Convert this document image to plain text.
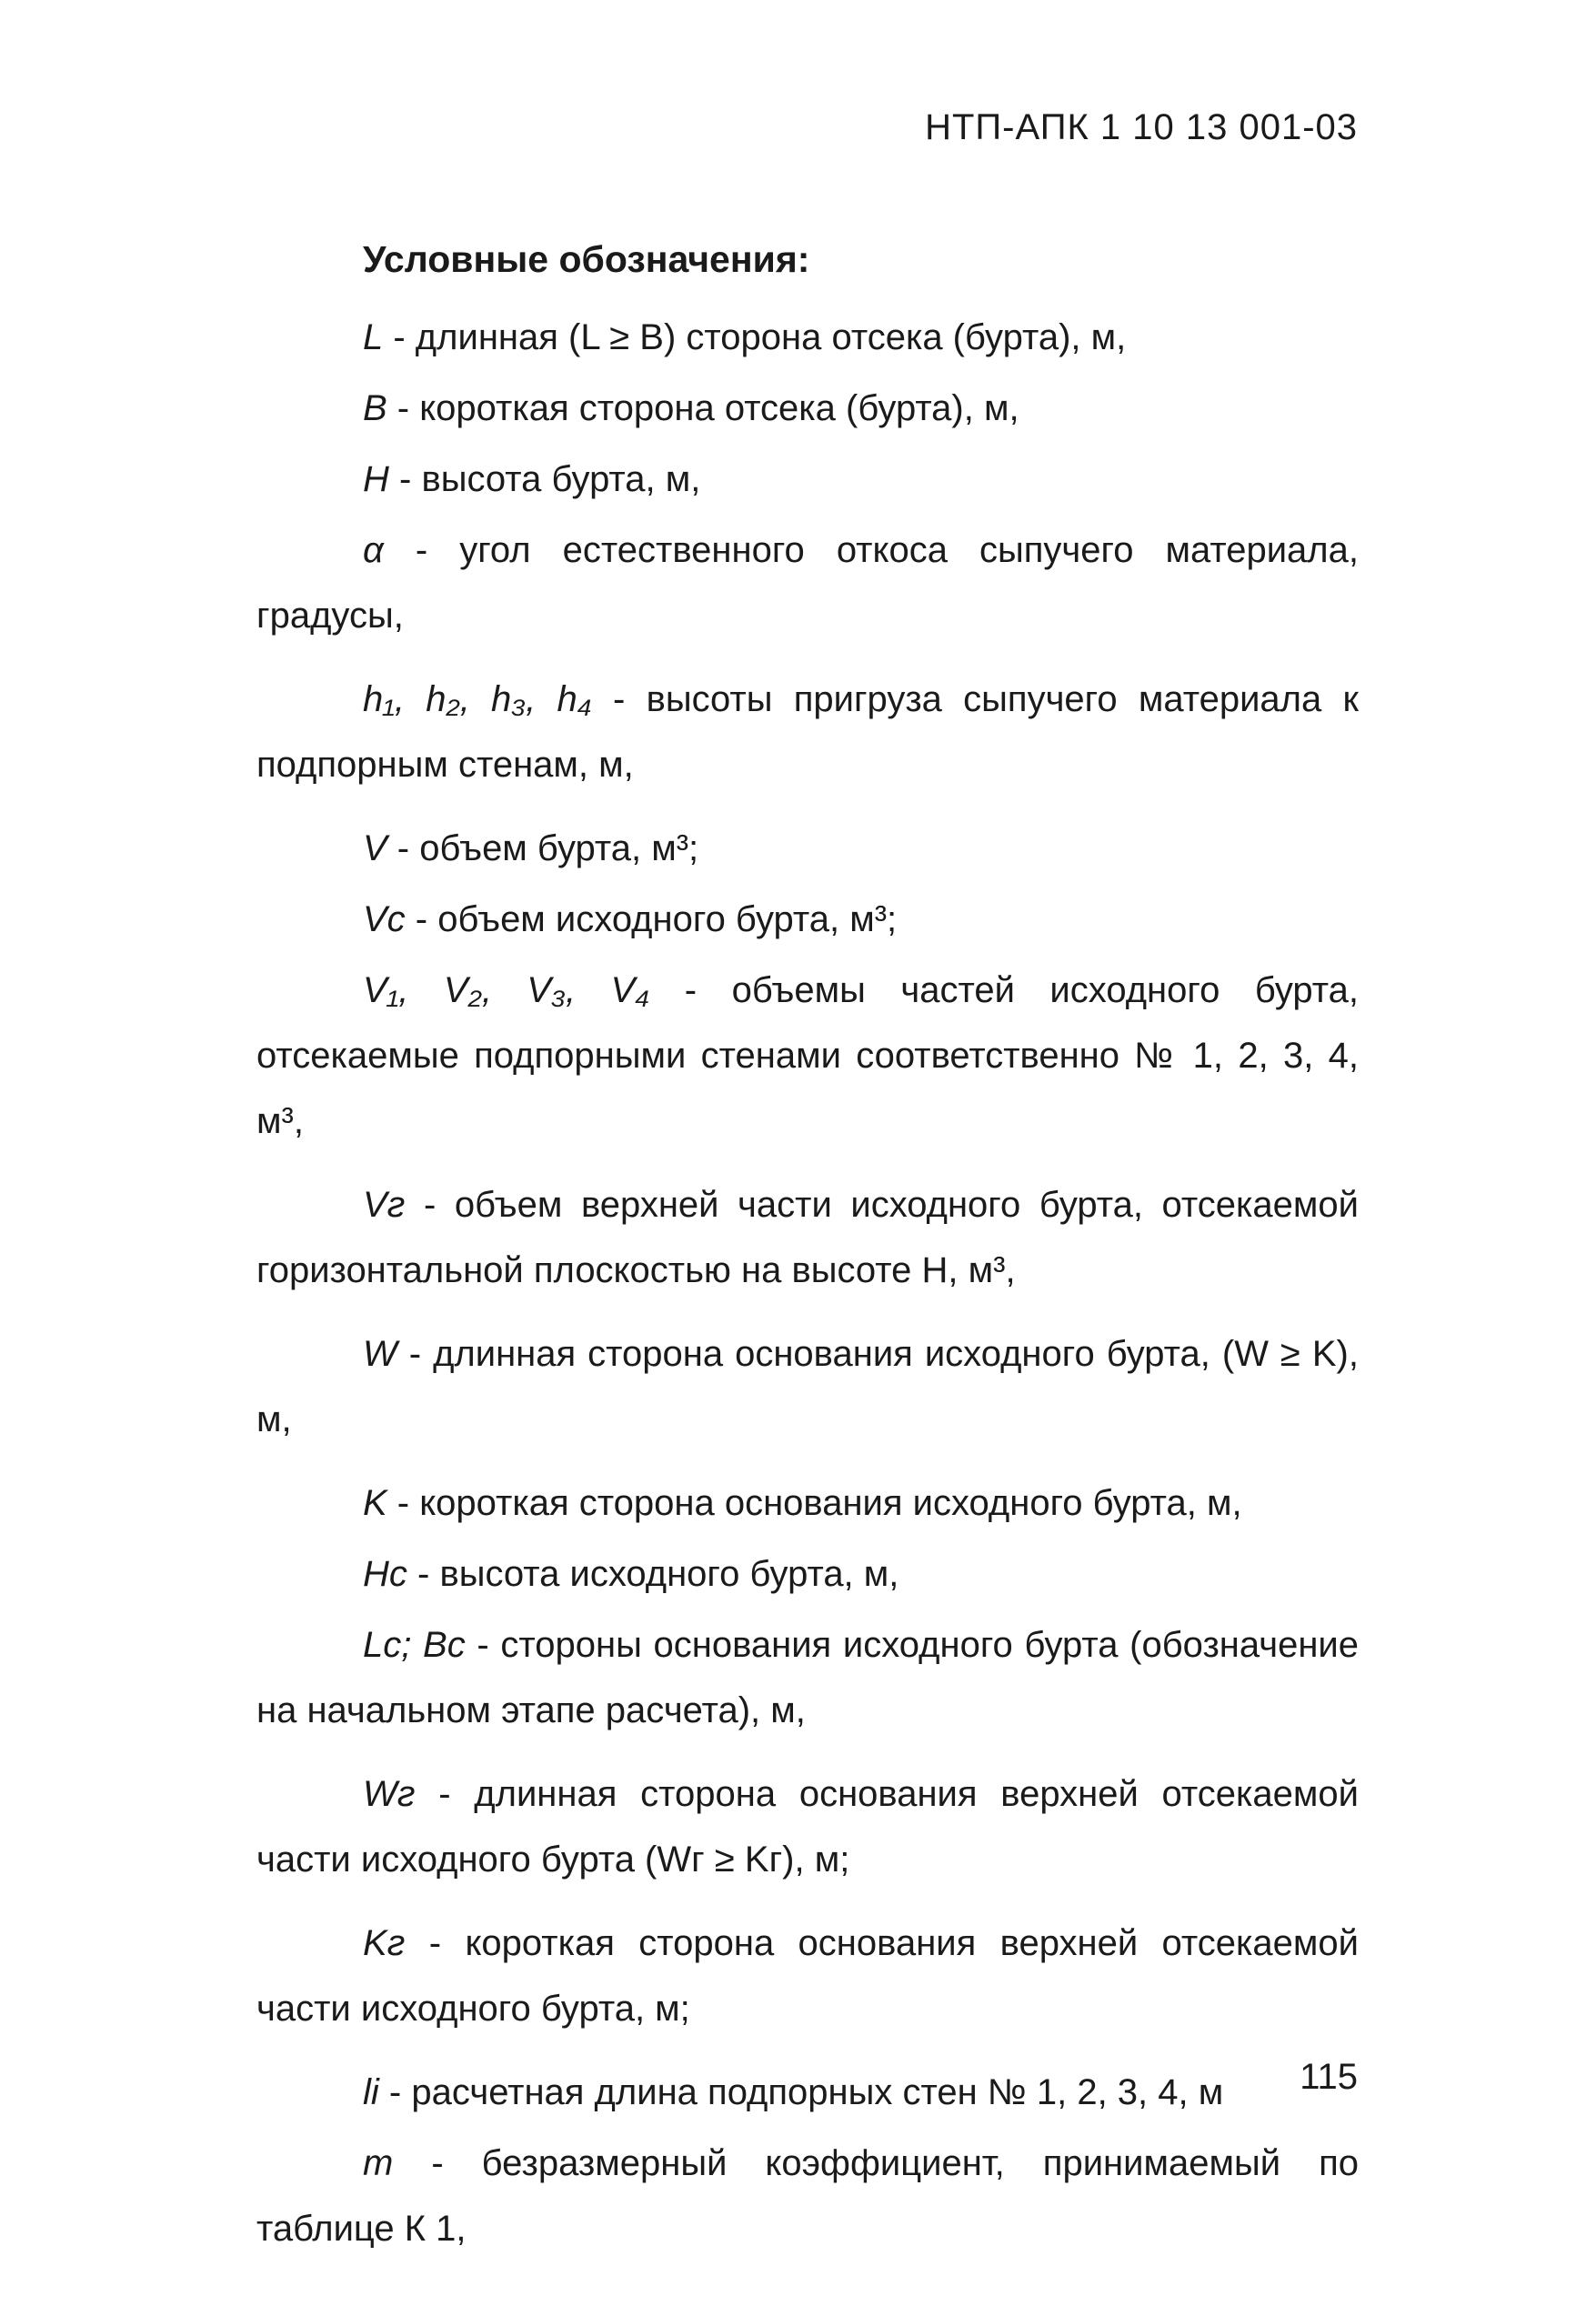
НТП-АПК 1 10 13 001-03
Условные обозначения:

L - длинная (L ≥ B) сторона отсека (бурта), м,

B - короткая сторона отсека (бурта), м,

H - высота бурта, м,

α - угол естественного откоса сыпучего материала, градусы,

h₁, h₂, h₃, h₄ - высоты пригруза сыпучего материала к подпорным стенам, м,

V - объем бурта, м³;

Vc - объем исходного бурта, м³;

V₁, V₂, V₃, V₄ - объемы частей исходного бурта, отсекаемые подпорными стенами соответственно № 1, 2, 3, 4, м³,

Vг - объем верхней части исходного бурта, отсекаемой горизонтальной плоскостью на высоте H, м³,

W - длинная сторона основания исходного бурта, (W ≥ K), м,

K - короткая сторона основания исходного бурта, м,

Hc - высота исходного бурта, м,

Lc; Bc - стороны основания исходного бурта (обозначение на начальном этапе расчета), м,

Wг - длинная сторона основания верхней отсекаемой части исходного бурта (Wг ≥ Kг), м;

Kг - короткая сторона основания верхней отсекаемой части исходного бурта, м;

li - расчетная длина подпорных стен № 1, 2, 3, 4, м

m - безразмерный коэффициент, принимаемый по таблице К 1,

115
